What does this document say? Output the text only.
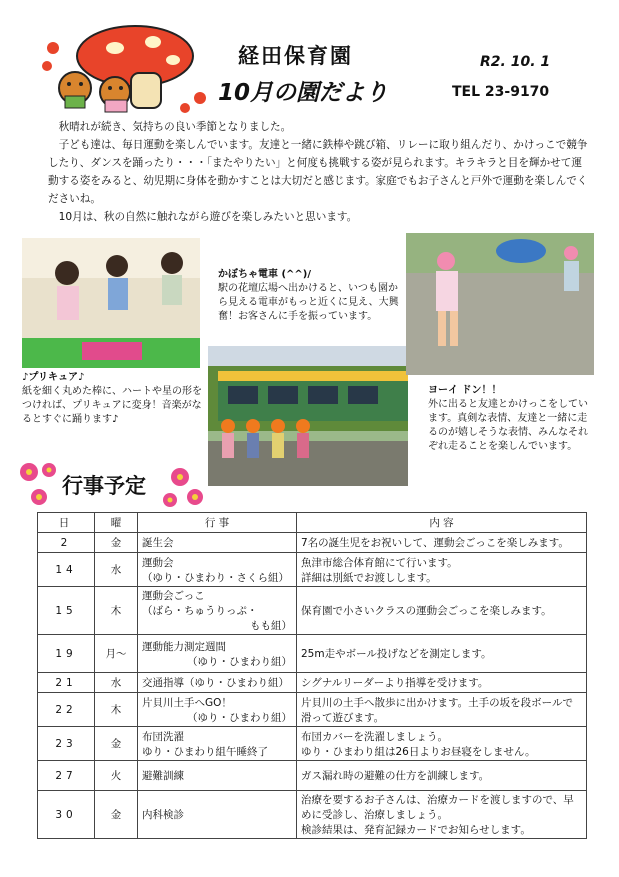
経田保育園
10月の園だより
R2. 10. 1
TEL 23-9170

秋晴れが続き、気持ちの良い季節となりました。

子ども達は、毎日運動を楽しんでいます。友達と一緒に鉄棒や跳び箱、リレーに取り組んだり、かけっこで競争したり、ダンスを踊ったり・・・「またやりたい」と何度も挑戦する姿が見られます。キラキラと目を輝かせて運動する姿をみると、幼児期に身体を動かすことは大切だと感じます。家庭でもお子さんと戸外で運動を楽しんでくださいね。

10月は、秋の自然に触れながら遊びを楽しみたいと思います。

♪プリキュア♪
紙を細く丸めた棒に、ハートや星の形をつければ、プリキュアに変身！音楽がなるとすぐに踊ります♪
かぼちゃ電車 (^^)/
駅の花壇広場へ出かけると、いつも園から見える電車がもっと近くに見え、大興奮！お客さんに手を振っています。
ヨーイ ドン！！
外に出ると友達とかけっこをしています。真剣な表情、友達と一緒に走るのが嬉しそうな表情、みんなそれぞれ走ることを楽しんでいます。
行事予定
日	曜	行 事	内 容
2	金	誕生会	7名の誕生児をお祝いして、運動会ごっこを楽しみます。

14	水	運動会
（ゆり・ひまわり・さくら組）	魚津市総合体育館にて行います。
詳細は別紙でお渡しします。

15	木	運動会ごっこ
（ばら・ちゅうりっぷ・
もも組）	保育園で小さいクラスの運動会ごっこを楽しみます。

19	月〜	運動能力測定週間
（ゆり・ひまわり組）	25m走やボール投げなどを測定します。

21	水	交通指導（ゆり・ひまわり組）	シグナルリーダーより指導を受けます。

22	木	片貝川土手へGO！
（ゆり・ひまわり組）	片貝川の土手へ散歩に出かけます。土手の坂を段ボールで
滑って遊びます。

23	金	布団洗濯
ゆり・ひまわり組午睡終了	布団カバーを洗濯しましょう。
ゆり・ひまわり組は26日よりお昼寝をしません。

27	火	避難訓練	ガス漏れ時の避難の仕方を訓練します。

30	金	内科検診	治療を要するお子さんは、治療カードを渡しますので、早
めに受診し、治療しましょう。
検診結果は、発育記録カードでお知らせします。
